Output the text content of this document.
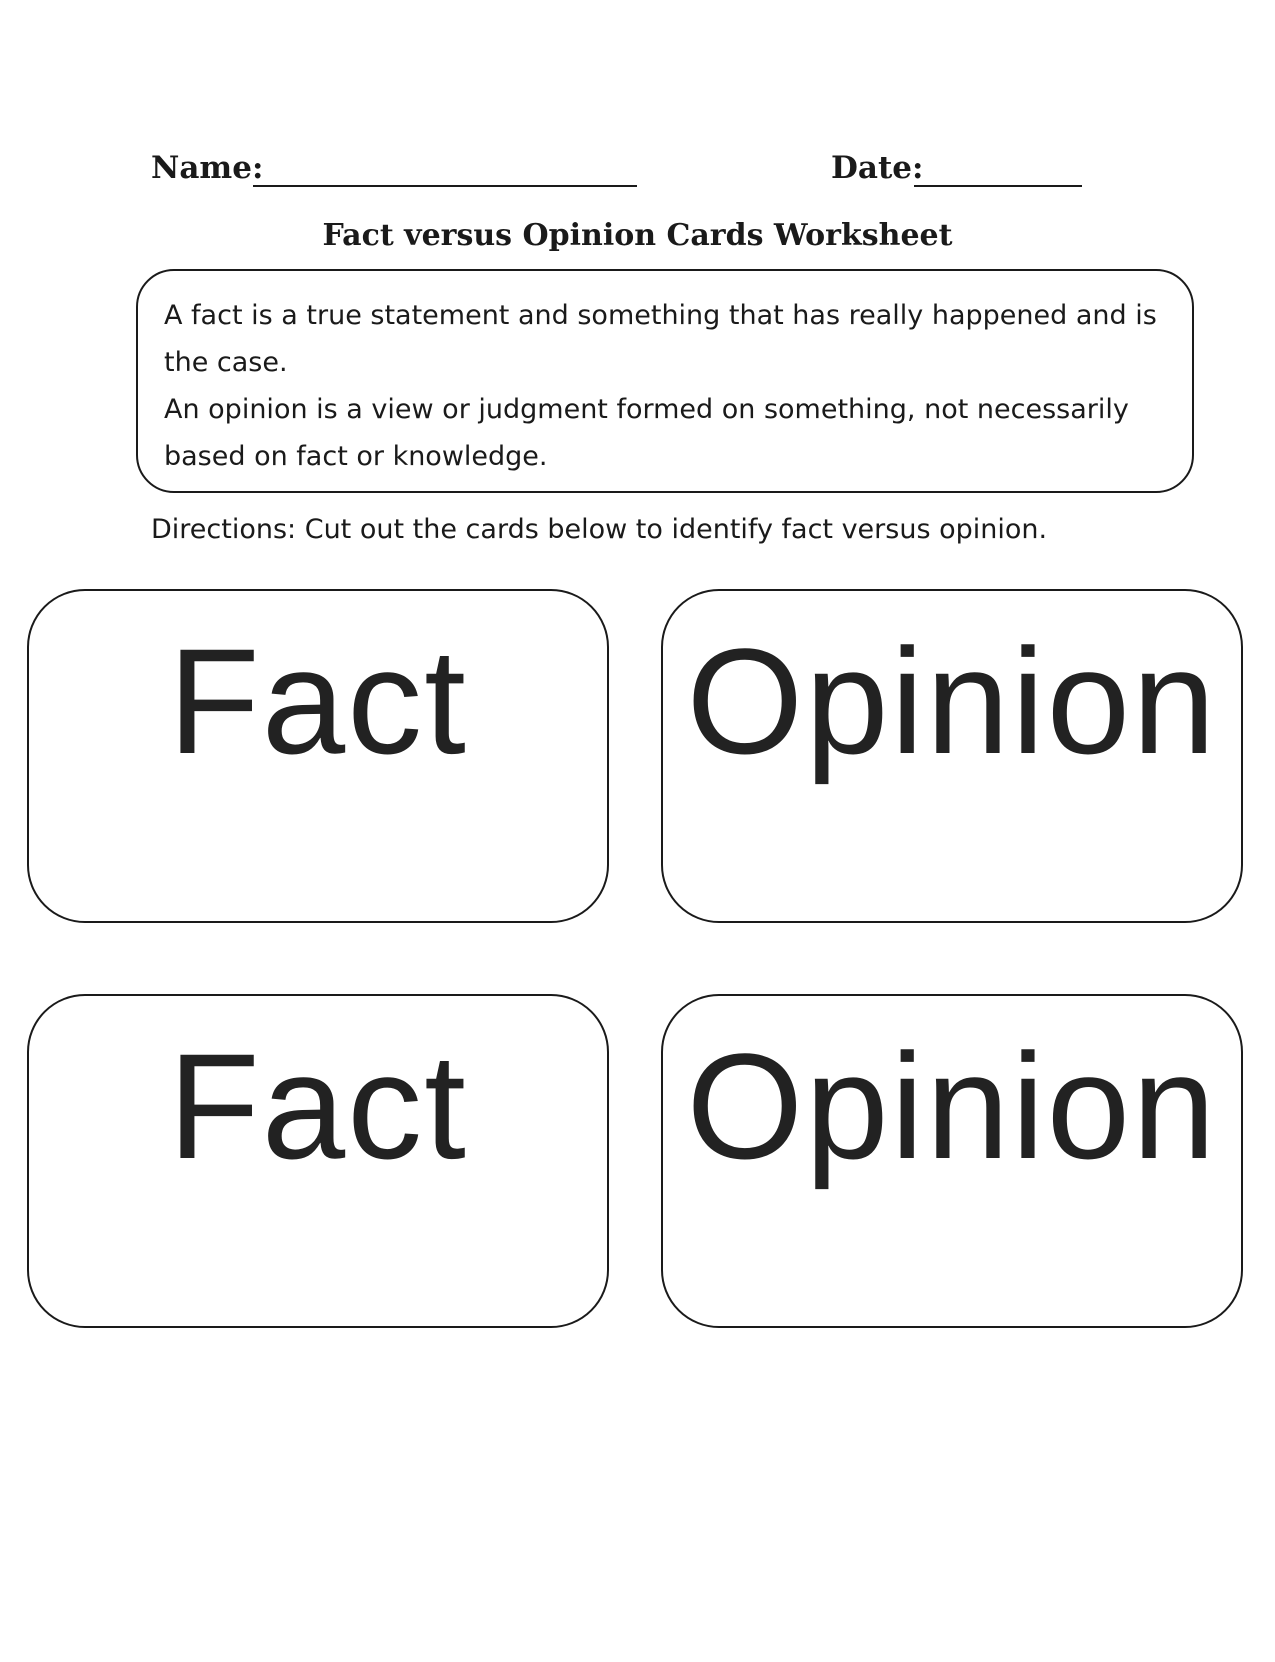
Name:	Date:
Fact versus Opinion Cards Worksheet

A fact is a true statement and something that has really happened and is the case.

An opinion is a view or judgment formed on something, not necessarily based on fact or knowledge.

Directions: Cut out the cards below to identify fact versus opinion.
Fact	Opinion
Fact	Opinion
